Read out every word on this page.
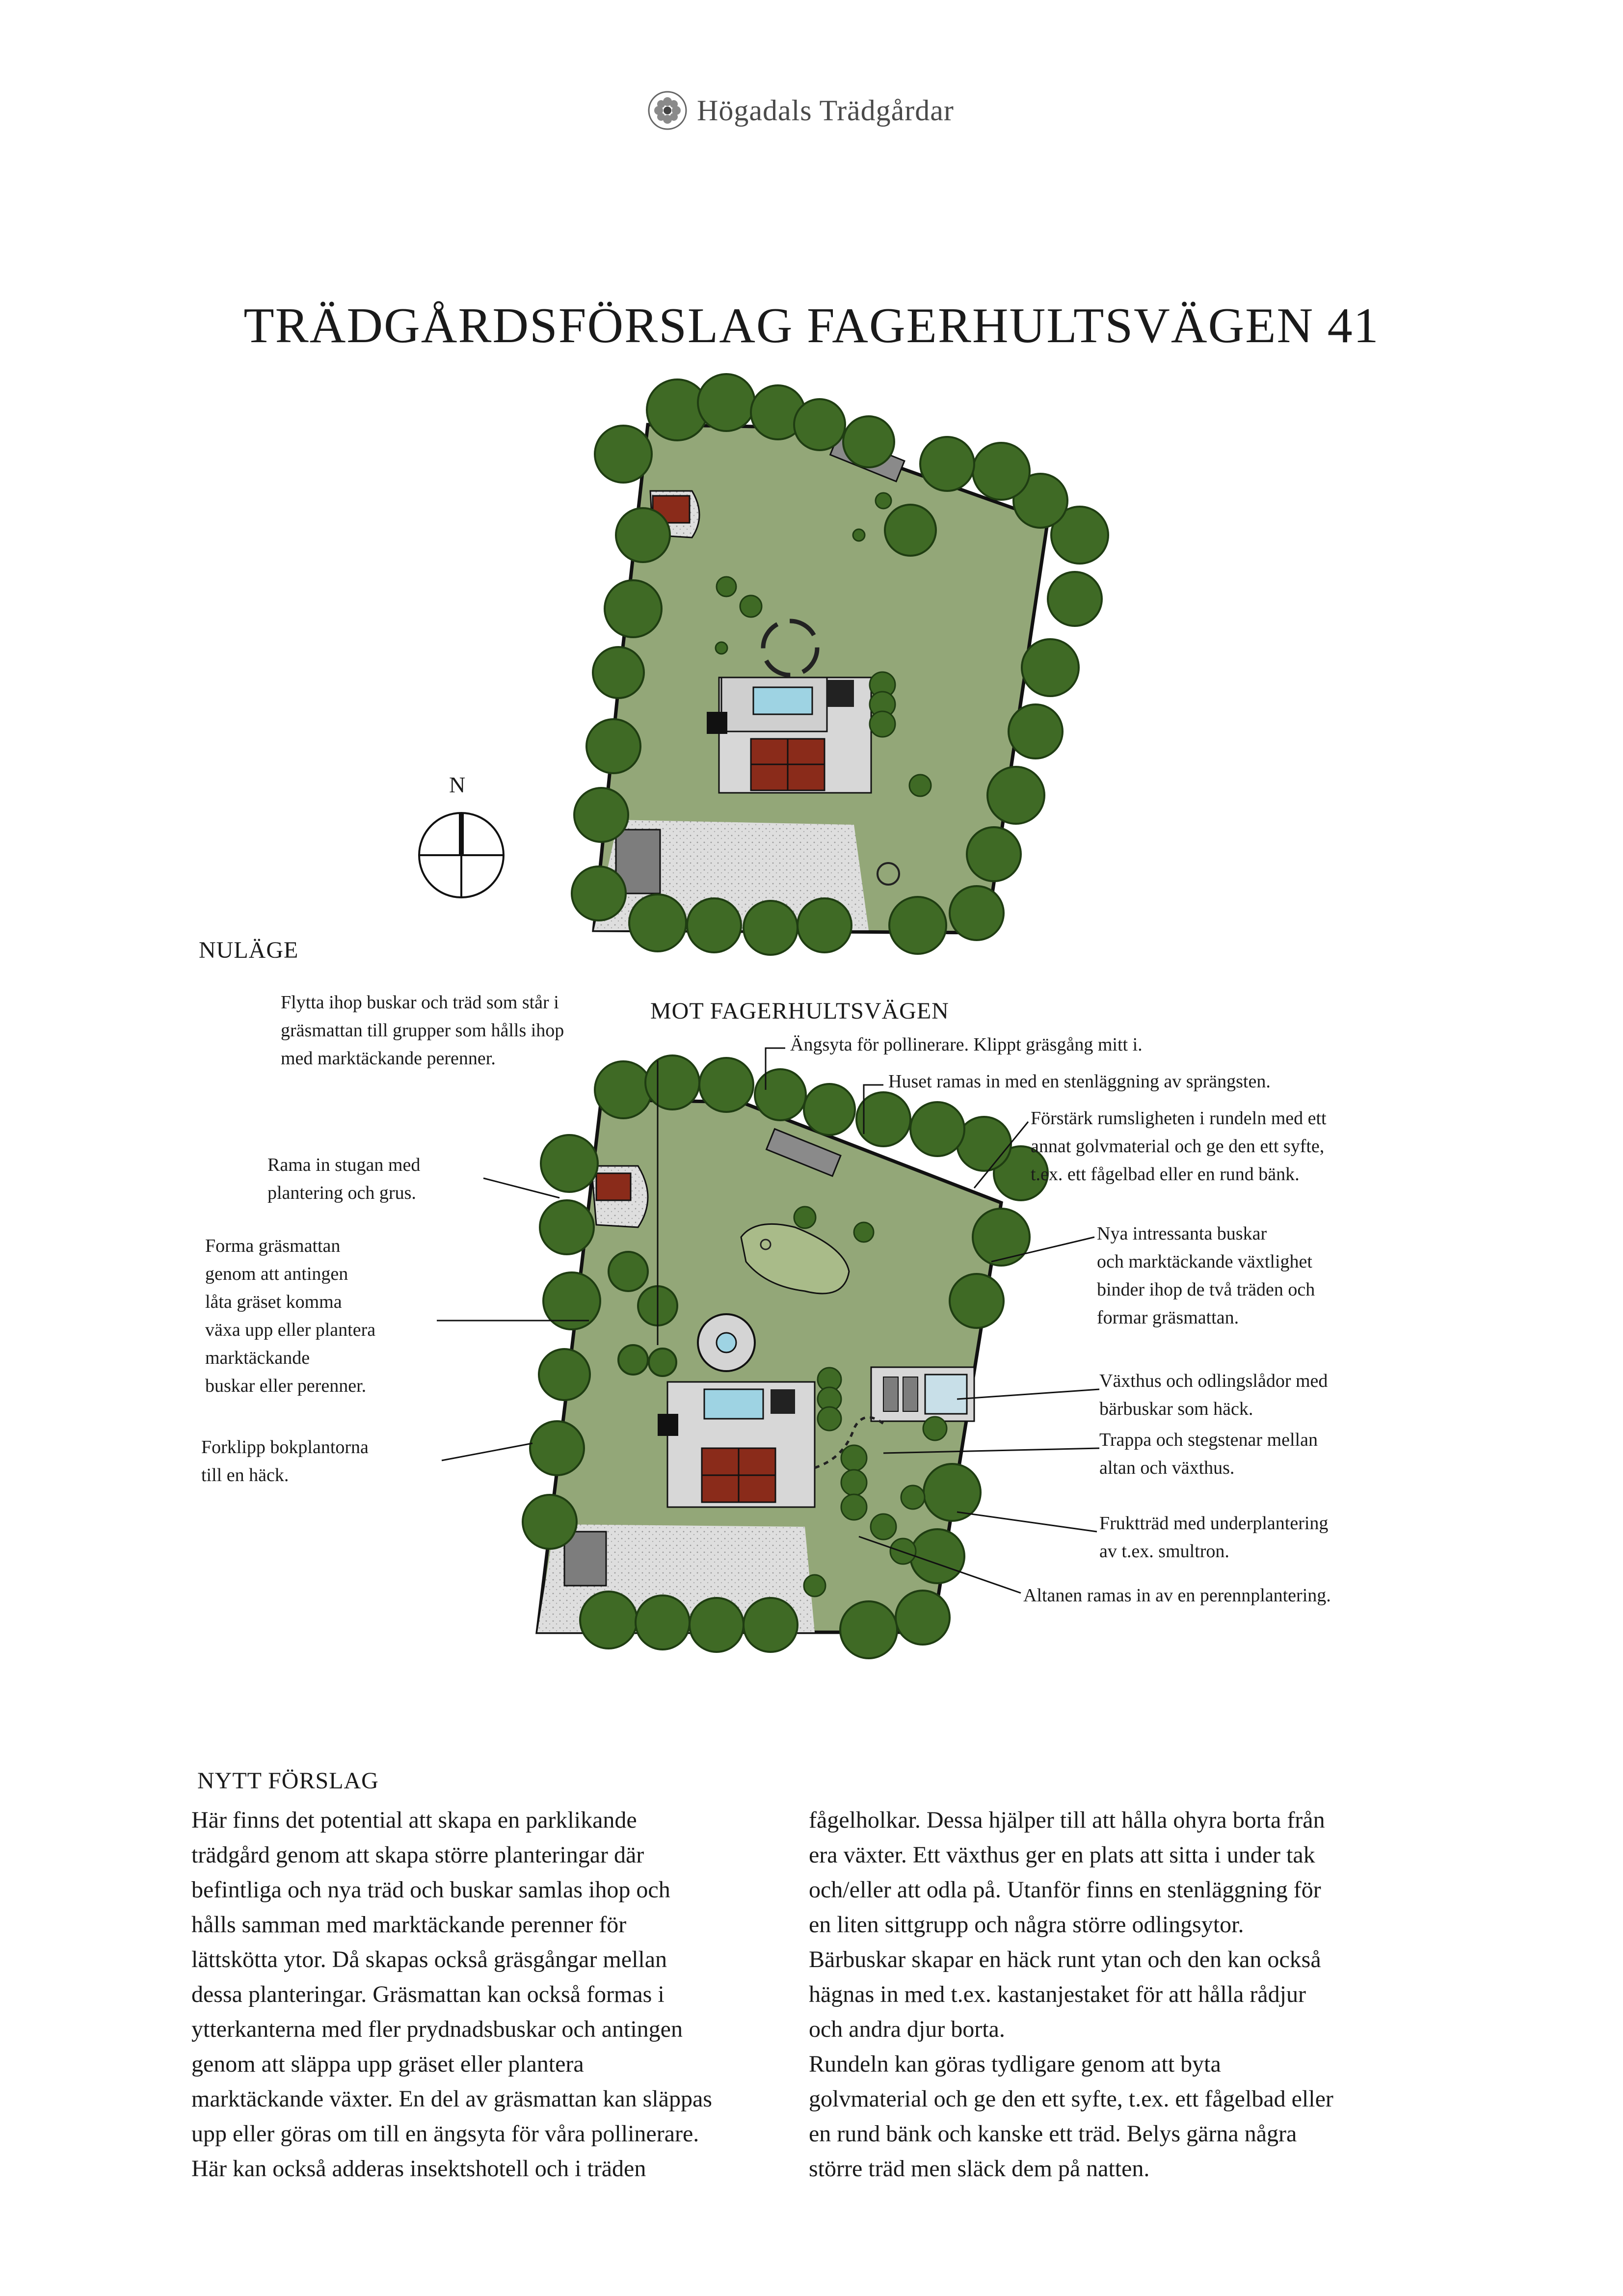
Högadals Trädgårdar
TRÄDGÅRDSFÖRSLAG FAGERHULTSVÄGEN 41
N
NULÄGE
MOT FAGERHULTSVÄGEN
Flytta ihop buskar och träd som står i
gräsmattan till grupper som hålls ihop
med marktäckande perenner.
Ängsyta för pollinerare. Klippt gräsgång mitt i.
Huset ramas in med en stenläggning av sprängsten.
Förstärk rumsligheten i rundeln med ett
annat golvmaterial och ge den ett syfte,
t.ex. ett fågelbad eller en rund bänk.
Rama in stugan med
plantering och grus.
Nya intressanta buskar
och marktäckande växtlighet
binder ihop de två träden och
formar gräsmattan.
Forma gräsmattan
genom att antingen
låta gräset komma
växa upp eller plantera
marktäckande
buskar eller perenner.	Växthus och odlingslådor med
bärbuskar som häck.
Trappa och stegstenar mellan
altan och växthus.
Forklipp bokplantorna
till en häck.
Fruktträd med underplantering
av t.ex. smultron.
Altanen ramas in av en perennplantering.
NYTT FÖRSLAG
Här finns det potential att skapa en parklikande
trädgård genom att skapa större planteringar där
befintliga och nya träd och buskar samlas ihop och
hålls samman med marktäckande perenner för
lättskötta ytor. Då skapas också gräsgångar mellan
dessa planteringar. Gräsmattan kan också formas i
ytterkanterna med fler prydnadsbuskar och antingen
genom att släppa upp gräset eller plantera
marktäckande växter. En del av gräsmattan kan släppas
upp eller göras om till en ängsyta för våra pollinerare.
Här kan också adderas insektshotell och i träden
fågelholkar. Dessa hjälper till att hålla ohyra borta från
era växter. Ett växthus ger en plats att sitta i under tak
och/eller att odla på. Utanför finns en stenläggning för
en liten sittgrupp och några större odlingsytor.
Bärbuskar skapar en häck runt ytan och den kan också
hägnas in med t.ex. kastanjestaket för att hålla rådjur
och andra djur borta.
Rundeln kan göras tydligare genom att byta
golvmaterial och ge den ett syfte, t.ex. ett fågelbad eller
en rund bänk och kanske ett träd. Belys gärna några
större träd men släck dem på natten.
